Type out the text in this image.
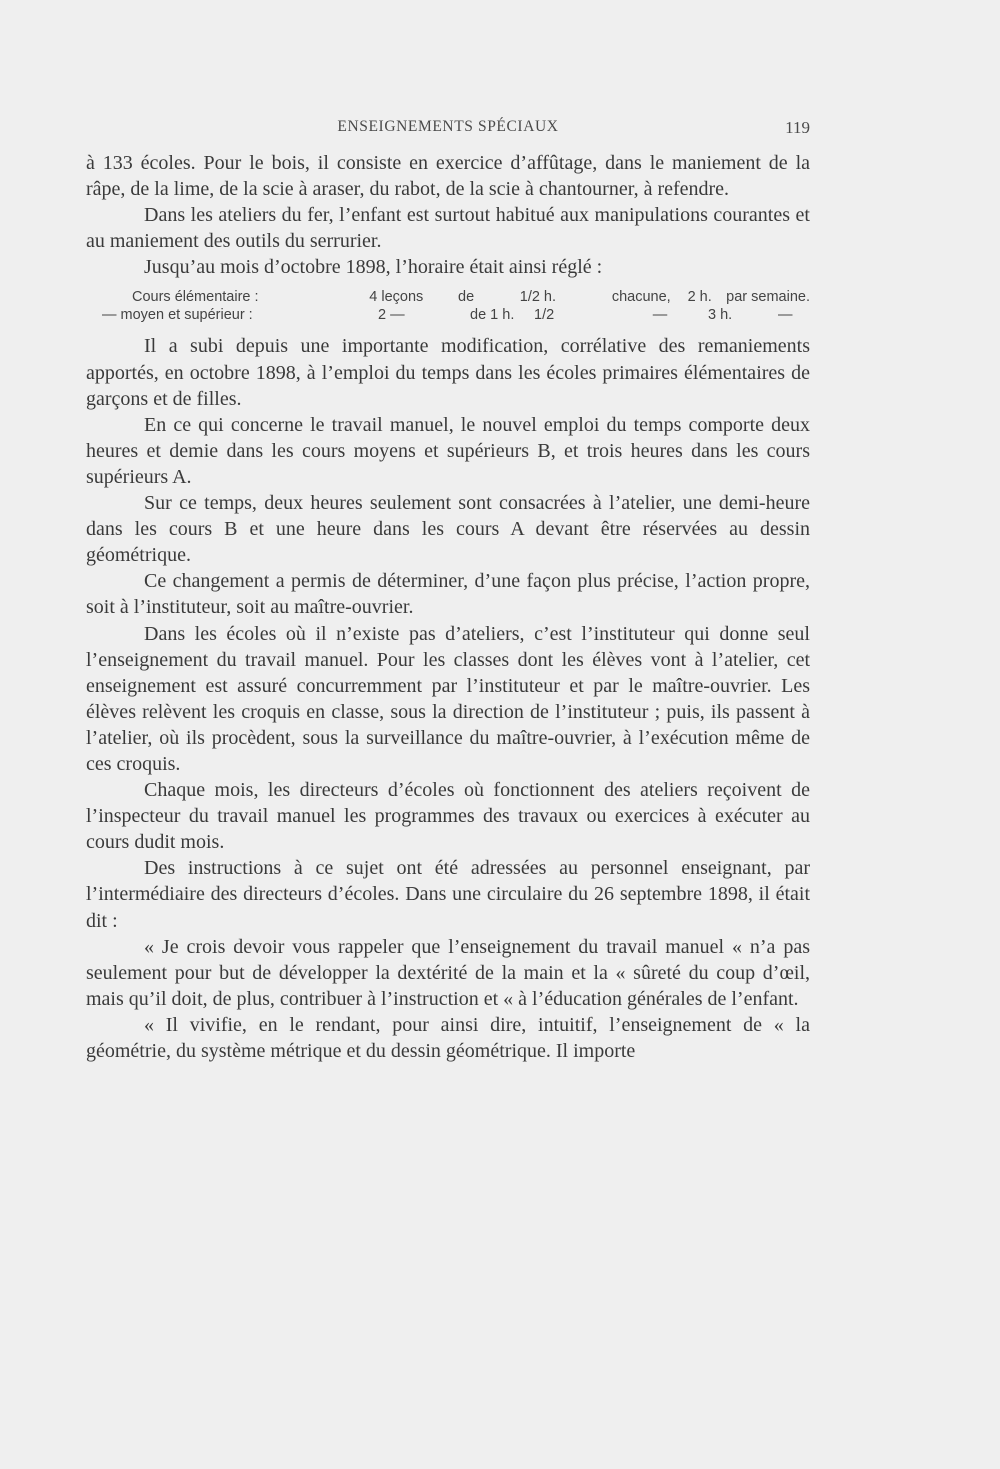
ENSEIGNEMENTS SPÉCIAUX	119

à 133 écoles. Pour le bois, il consiste en exercice d’affûtage, dans le maniement de la râpe, de la lime, de la scie à araser, du rabot, de la scie à chantourner, à refendre.

Dans les ateliers du fer, l’enfant est surtout habitué aux manipulations courantes et au maniement des outils du serrurier.

Jusqu’au mois d’octobre 1898, l’horaire était ainsi réglé :

Cours élémentaire :	4 leçons	de	1/2 h.	chacune,	2 h. par semaine.
— moyen et supérieur :	2 —	de 1 h.	1/2	—	3 h.	—

Il a subi depuis une importante modification, corrélative des remaniements apportés, en octobre 1898, à l’emploi du temps dans les écoles primaires élémentaires de garçons et de filles.

En ce qui concerne le travail manuel, le nouvel emploi du temps comporte deux heures et demie dans les cours moyens et supérieurs B, et trois heures dans les cours supérieurs A.

Sur ce temps, deux heures seulement sont consacrées à l’atelier, une demi-heure dans les cours B et une heure dans les cours A devant être réservées au dessin géométrique.

Ce changement a permis de déterminer, d’une façon plus précise, l’action propre, soit à l’instituteur, soit au maître-ouvrier.

Dans les écoles où il n’existe pas d’ateliers, c’est l’instituteur qui donne seul l’enseignement du travail manuel. Pour les classes dont les élèves vont à l’atelier, cet enseignement est assuré concurremment par l’instituteur et par le maître-ouvrier. Les élèves relèvent les croquis en classe, sous la direction de l’instituteur ; puis, ils passent à l’atelier, où ils procèdent, sous la surveillance du maître-ouvrier, à l’exécution même de ces croquis.

Chaque mois, les directeurs d’écoles où fonctionnent des ateliers reçoivent de l’inspecteur du travail manuel les programmes des travaux ou exercices à exécuter au cours dudit mois.

Des instructions à ce sujet ont été adressées au personnel enseignant, par l’intermédiaire des directeurs d’écoles. Dans une circulaire du 26 septembre 1898, il était dit :

« Je crois devoir vous rappeler que l’enseignement du travail manuel « n’a pas seulement pour but de développer la dextérité de la main et la « sûreté du coup d’œil, mais qu’il doit, de plus, contribuer à l’instruction et « à l’éducation générales de l’enfant.

« Il vivifie, en le rendant, pour ainsi dire, intuitif, l’enseignement de « la géométrie, du système métrique et du dessin géométrique. Il importe
